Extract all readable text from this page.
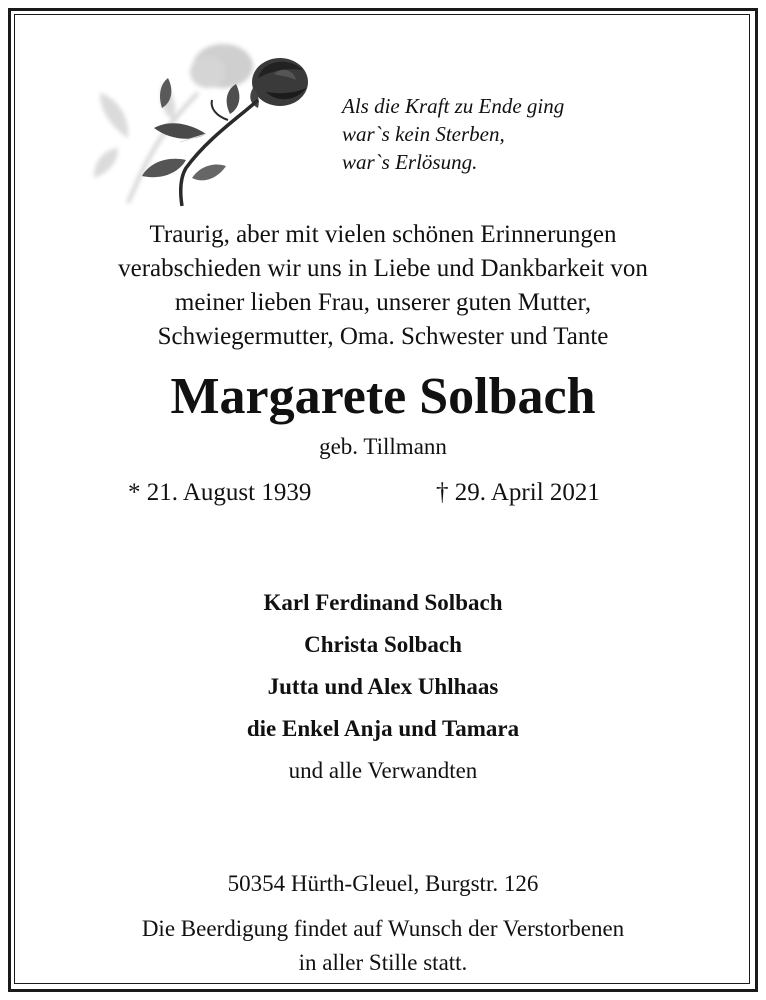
Als die Kraft zu Ende ging
war`s kein Sterben,
war`s Erlösung.
Traurig, aber mit vielen schönen Erinnerungen
verabschieden wir uns in Liebe und Dankbarkeit von
meiner lieben Frau, unserer guten Mutter,
Schwiegermutter, Oma. Schwester und Tante
Margarete Solbach
geb. Tillmann
* 21. August 1939	† 29. April 2021
Karl Ferdinand Solbach
Christa Solbach
Jutta und Alex Uhlhaas
die Enkel Anja und Tamara
und alle Verwandten
50354 Hürth-Gleuel, Burgstr. 126
Die Beerdigung findet auf Wunsch der Verstorbenen
in aller Stille statt.
